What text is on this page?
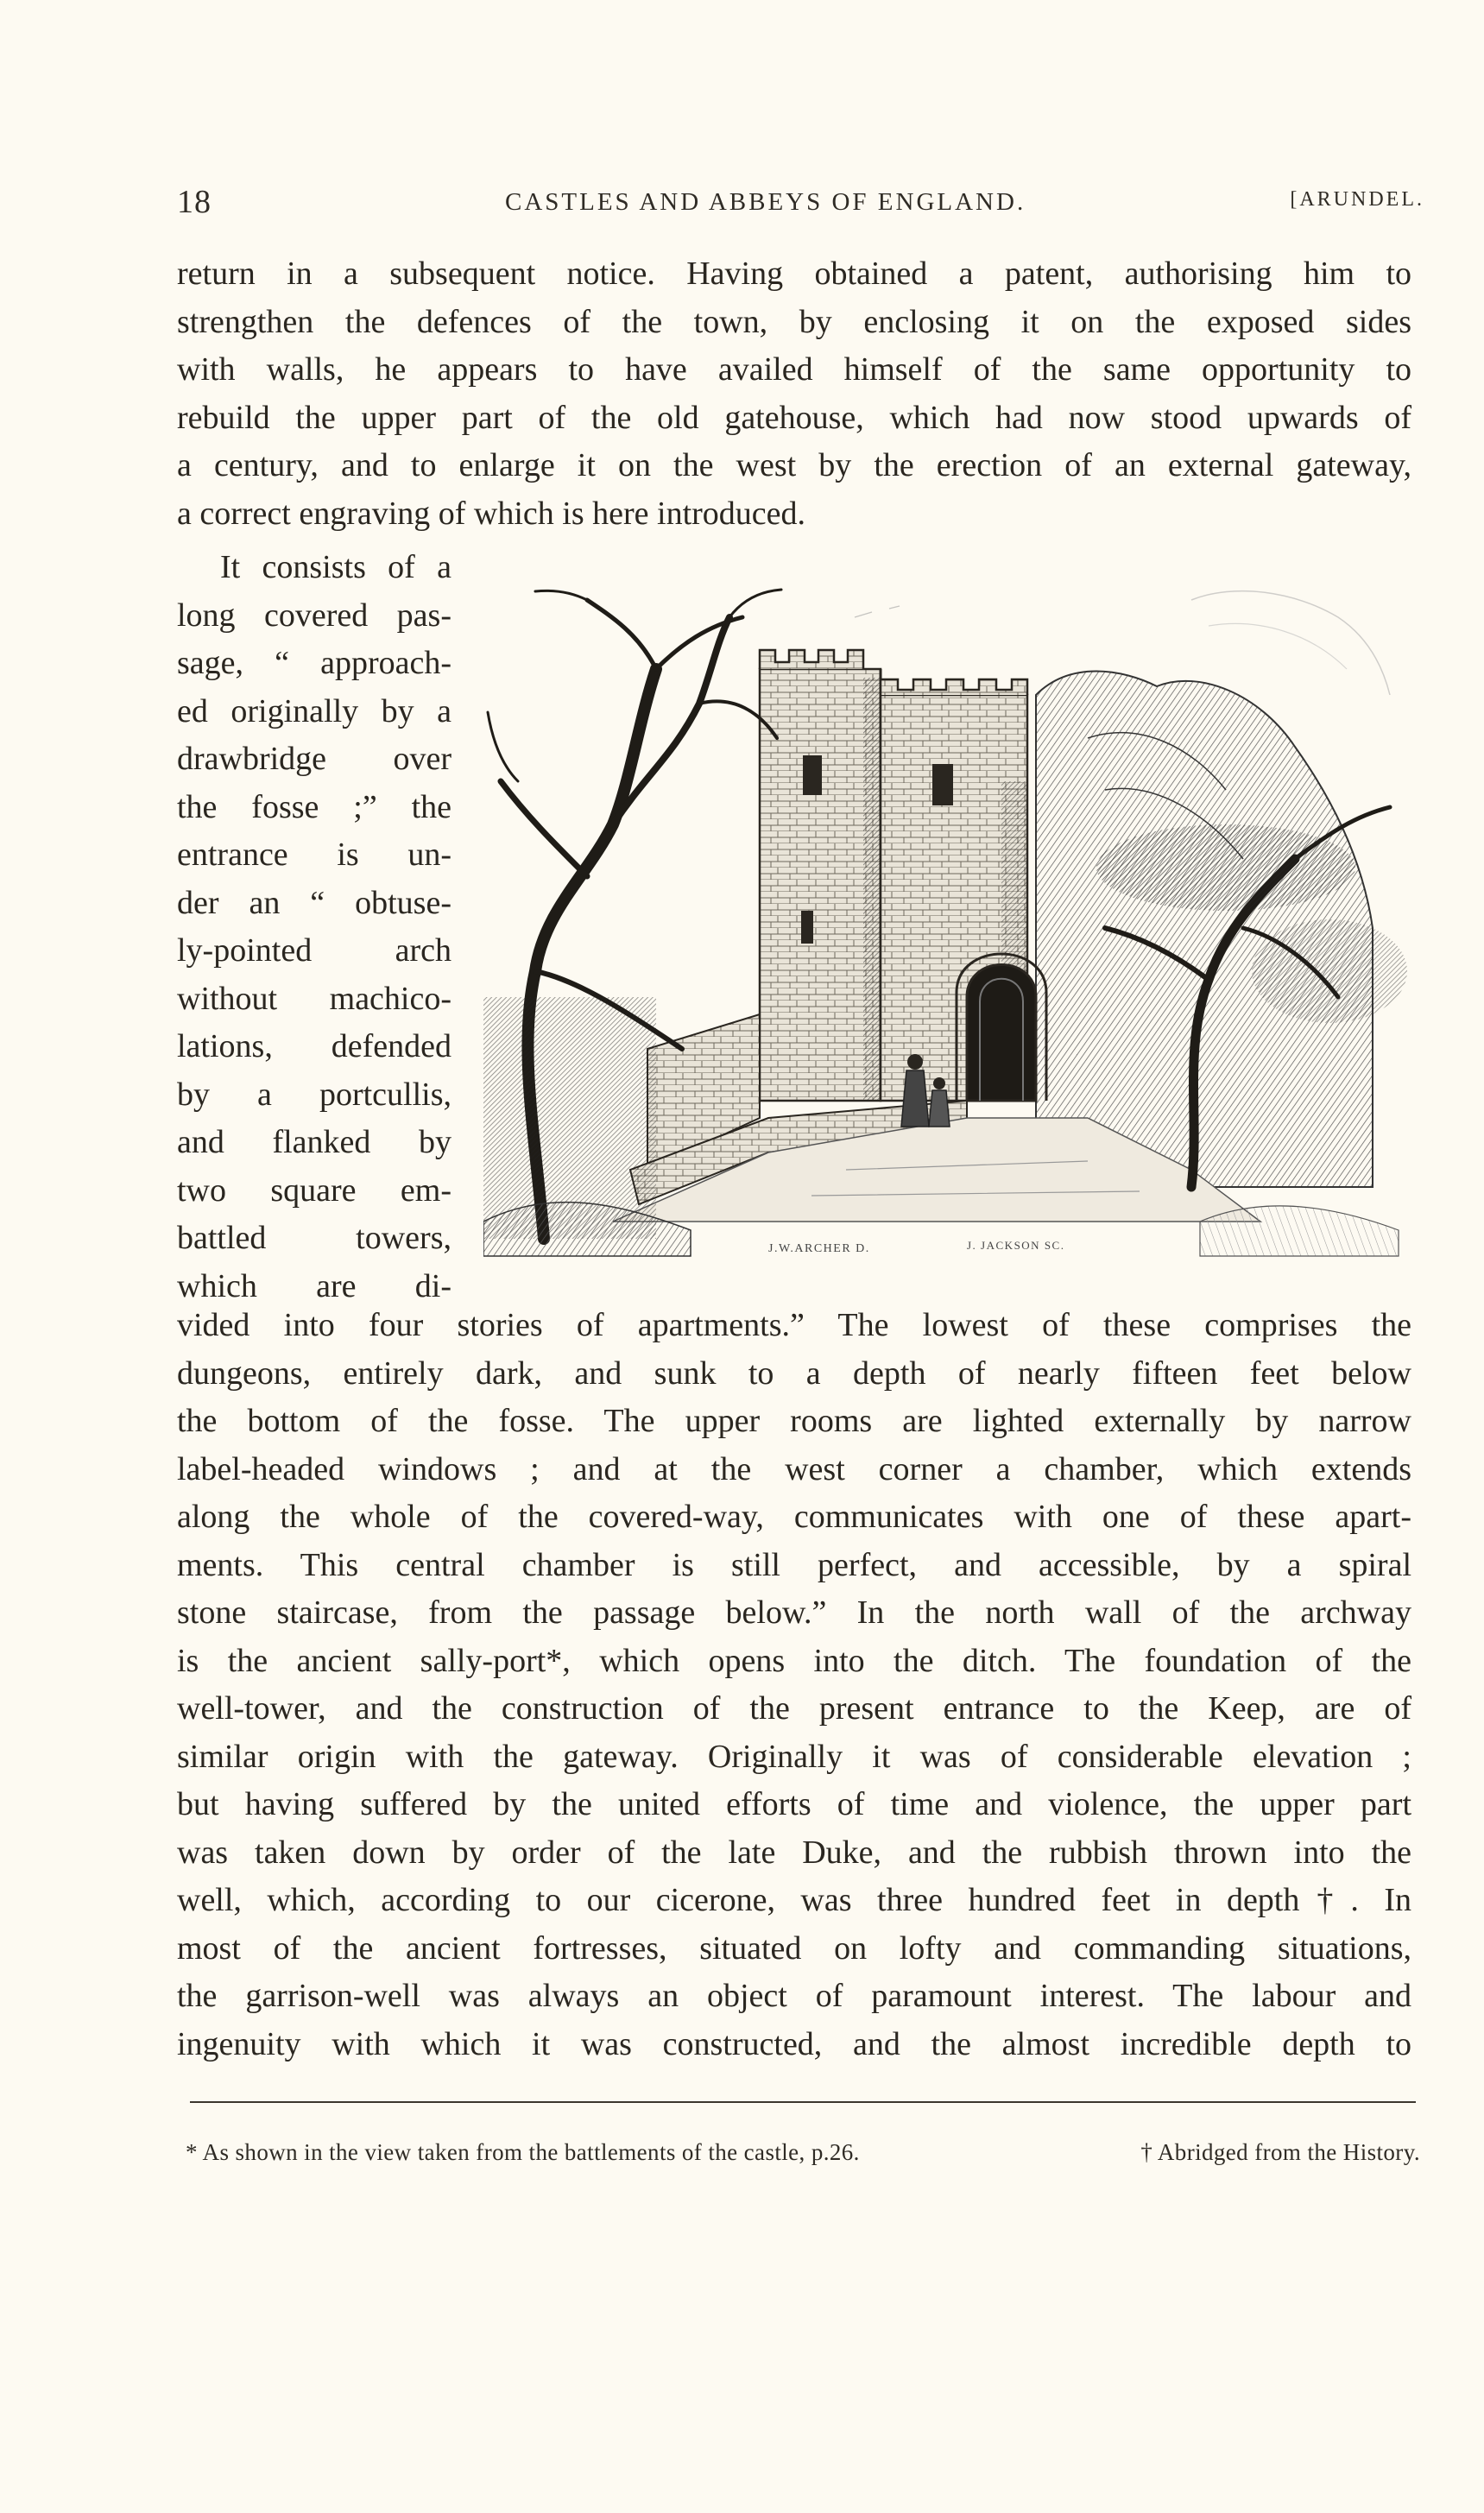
18	CASTLES AND ABBEYS OF ENGLAND.	[ARUNDEL.
return in a subsequent notice. Having obtained a patent, authorising him to
strengthen the defences of the town, by enclosing it on the exposed sides
with walls, he appears to have availed himself of the same opportunity to
rebuild the upper part of the old gatehouse, which had now stood upwards of
a century, and to enlarge it on the west by the erection of an external gateway,
a correct engraving of which is here introduced.
It consists of a
long covered pas-
sage, “ approach-
ed originally by a
drawbridge over
the fosse ;” the
entrance is un-
der an “ obtuse-
ly-pointed arch
without machico-
lations, defended
by a portcullis,
and flanked by
two square em-
battled towers,
which are di-
J.W.ARCHER D.	J. JACKSON SC.
vided into four stories of apartments.” The lowest of these comprises the
dungeons, entirely dark, and sunk to a depth of nearly fifteen feet below
the bottom of the fosse. The upper rooms are lighted externally by narrow
label-headed windows ; and at the west corner a chamber, which extends
along the whole of the covered-way, communicates with one of these apart-
ments. This central chamber is still perfect, and accessible, by a spiral
stone staircase, from the passage below.” In the north wall of the archway
is the ancient sally-port*, which opens into the ditch. The foundation of the
well-tower, and the construction of the present entrance to the Keep, are of
similar origin with the gateway. Originally it was of considerable elevation ;
but having suffered by the united efforts of time and violence, the upper part
was taken down by order of the late Duke, and the rubbish thrown into the
well, which, according to our cicerone, was three hundred feet in depth†. In
most of the ancient fortresses, situated on lofty and commanding situations,
the garrison-well was always an object of paramount interest. The labour and
ingenuity with which it was constructed, and the almost incredible depth to
* As shown in the view taken from the battlements of the castle, p.26.	† Abridged from the History.
